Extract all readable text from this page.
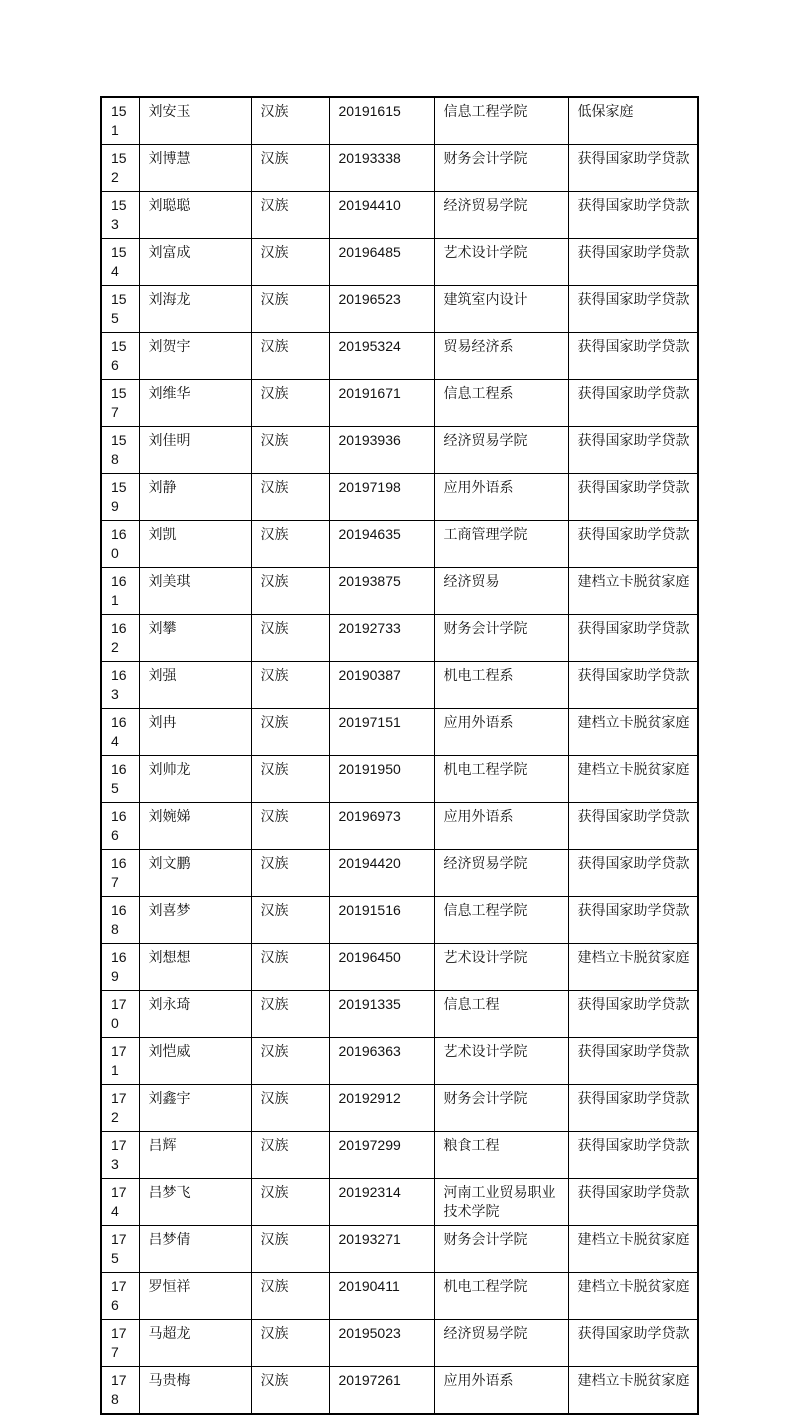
151	刘安玉	汉族	20191615	信息工程学院	低保家庭
152	刘博慧	汉族	20193338	财务会计学院	获得国家助学贷款
153	刘聪聪	汉族	20194410	经济贸易学院	获得国家助学贷款
154	刘富成	汉族	20196485	艺术设计学院	获得国家助学贷款
155	刘海龙	汉族	20196523	建筑室内设计	获得国家助学贷款
156	刘贺宇	汉族	20195324	贸易经济系	获得国家助学贷款
157	刘维华	汉族	20191671	信息工程系	获得国家助学贷款
158	刘佳明	汉族	20193936	经济贸易学院	获得国家助学贷款
159	刘静	汉族	20197198	应用外语系	获得国家助学贷款
160	刘凯	汉族	20194635	工商管理学院	获得国家助学贷款
161	刘美琪	汉族	20193875	经济贸易	建档立卡脱贫家庭
162	刘攀	汉族	20192733	财务会计学院	获得国家助学贷款
163	刘强	汉族	20190387	机电工程系	获得国家助学贷款
164	刘冉	汉族	20197151	应用外语系	建档立卡脱贫家庭
165	刘帅龙	汉族	20191950	机电工程学院	建档立卡脱贫家庭
166	刘婉娣	汉族	20196973	应用外语系	获得国家助学贷款
167	刘文鹏	汉族	20194420	经济贸易学院	获得国家助学贷款
168	刘喜梦	汉族	20191516	信息工程学院	获得国家助学贷款
169	刘想想	汉族	20196450	艺术设计学院	建档立卡脱贫家庭
170	刘永琦	汉族	20191335	信息工程	获得国家助学贷款
171	刘恺威	汉族	20196363	艺术设计学院	获得国家助学贷款
172	刘鑫宇	汉族	20192912	财务会计学院	获得国家助学贷款
173	吕辉	汉族	20197299	粮食工程	获得国家助学贷款
174	吕梦飞	汉族	20192314	河南工业贸易职业技术学院	获得国家助学贷款
175	吕梦倩	汉族	20193271	财务会计学院	建档立卡脱贫家庭
176	罗恒祥	汉族	20190411	机电工程学院	建档立卡脱贫家庭
177	马超龙	汉族	20195023	经济贸易学院	获得国家助学贷款
178	马贵梅	汉族	20197261	应用外语系	建档立卡脱贫家庭
